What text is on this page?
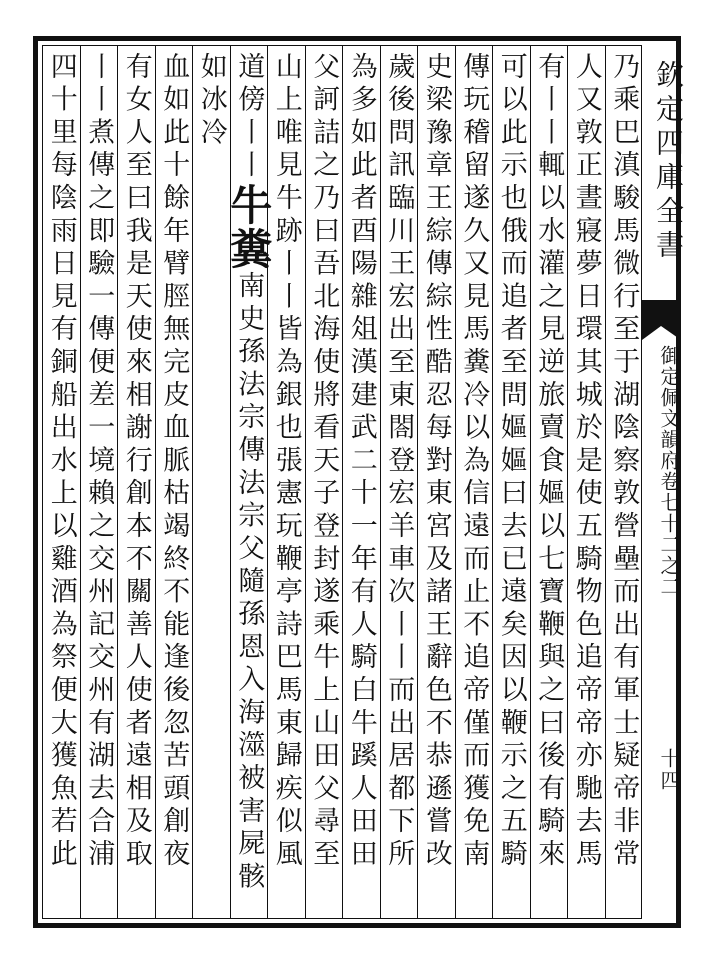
欽定四庫全書
御定佩文韻府卷七十二之二
十四
乃乘巴滇駿馬微行至于湖陰察敦營壘而出有軍士疑帝非常
人又敦正晝寢夢日環其城於是使五騎物色追帝帝亦馳去馬
有丨丨輒以水灌之見逆旅賣食嫗以七寶鞭與之曰後有騎來
可以此示也俄而追者至問嫗嫗曰去已遠矣因以鞭示之五騎
傳玩稽留遂久又見馬糞冷以為信遠而止不追帝僅而獲免南
史梁豫章王綜傳綜性酷忍每對東宮及諸王辭色不恭遜嘗改
歲後問訊臨川王宏出至東閤登宏羊車次丨丨而出居都下所
為多如此者酉陽雜俎漢建武二十一年有人騎白牛蹊人田田
父訶詰之乃曰吾北海使將看天子登封遂乘牛上山田父尋至
山上唯見牛跡丨丨皆為銀也張憲玩鞭亭詩巴馬東歸疾似風
道傍丨丨牛糞南史孫法宗傳法宗父隨孫恩入海澨被害屍骸
如冰冷
血如此十餘年臂脛無完皮血脈枯竭終不能逢後忽苦頭創夜
有女人至曰我是天使來相謝行創本不關善人使者遠相及取
丨丨煮傳之即驗一傳便差一境賴之交州記交州有湖去合浦
四十里每陰雨日見有銅船出水上以雞酒為祭便大獲魚若此
